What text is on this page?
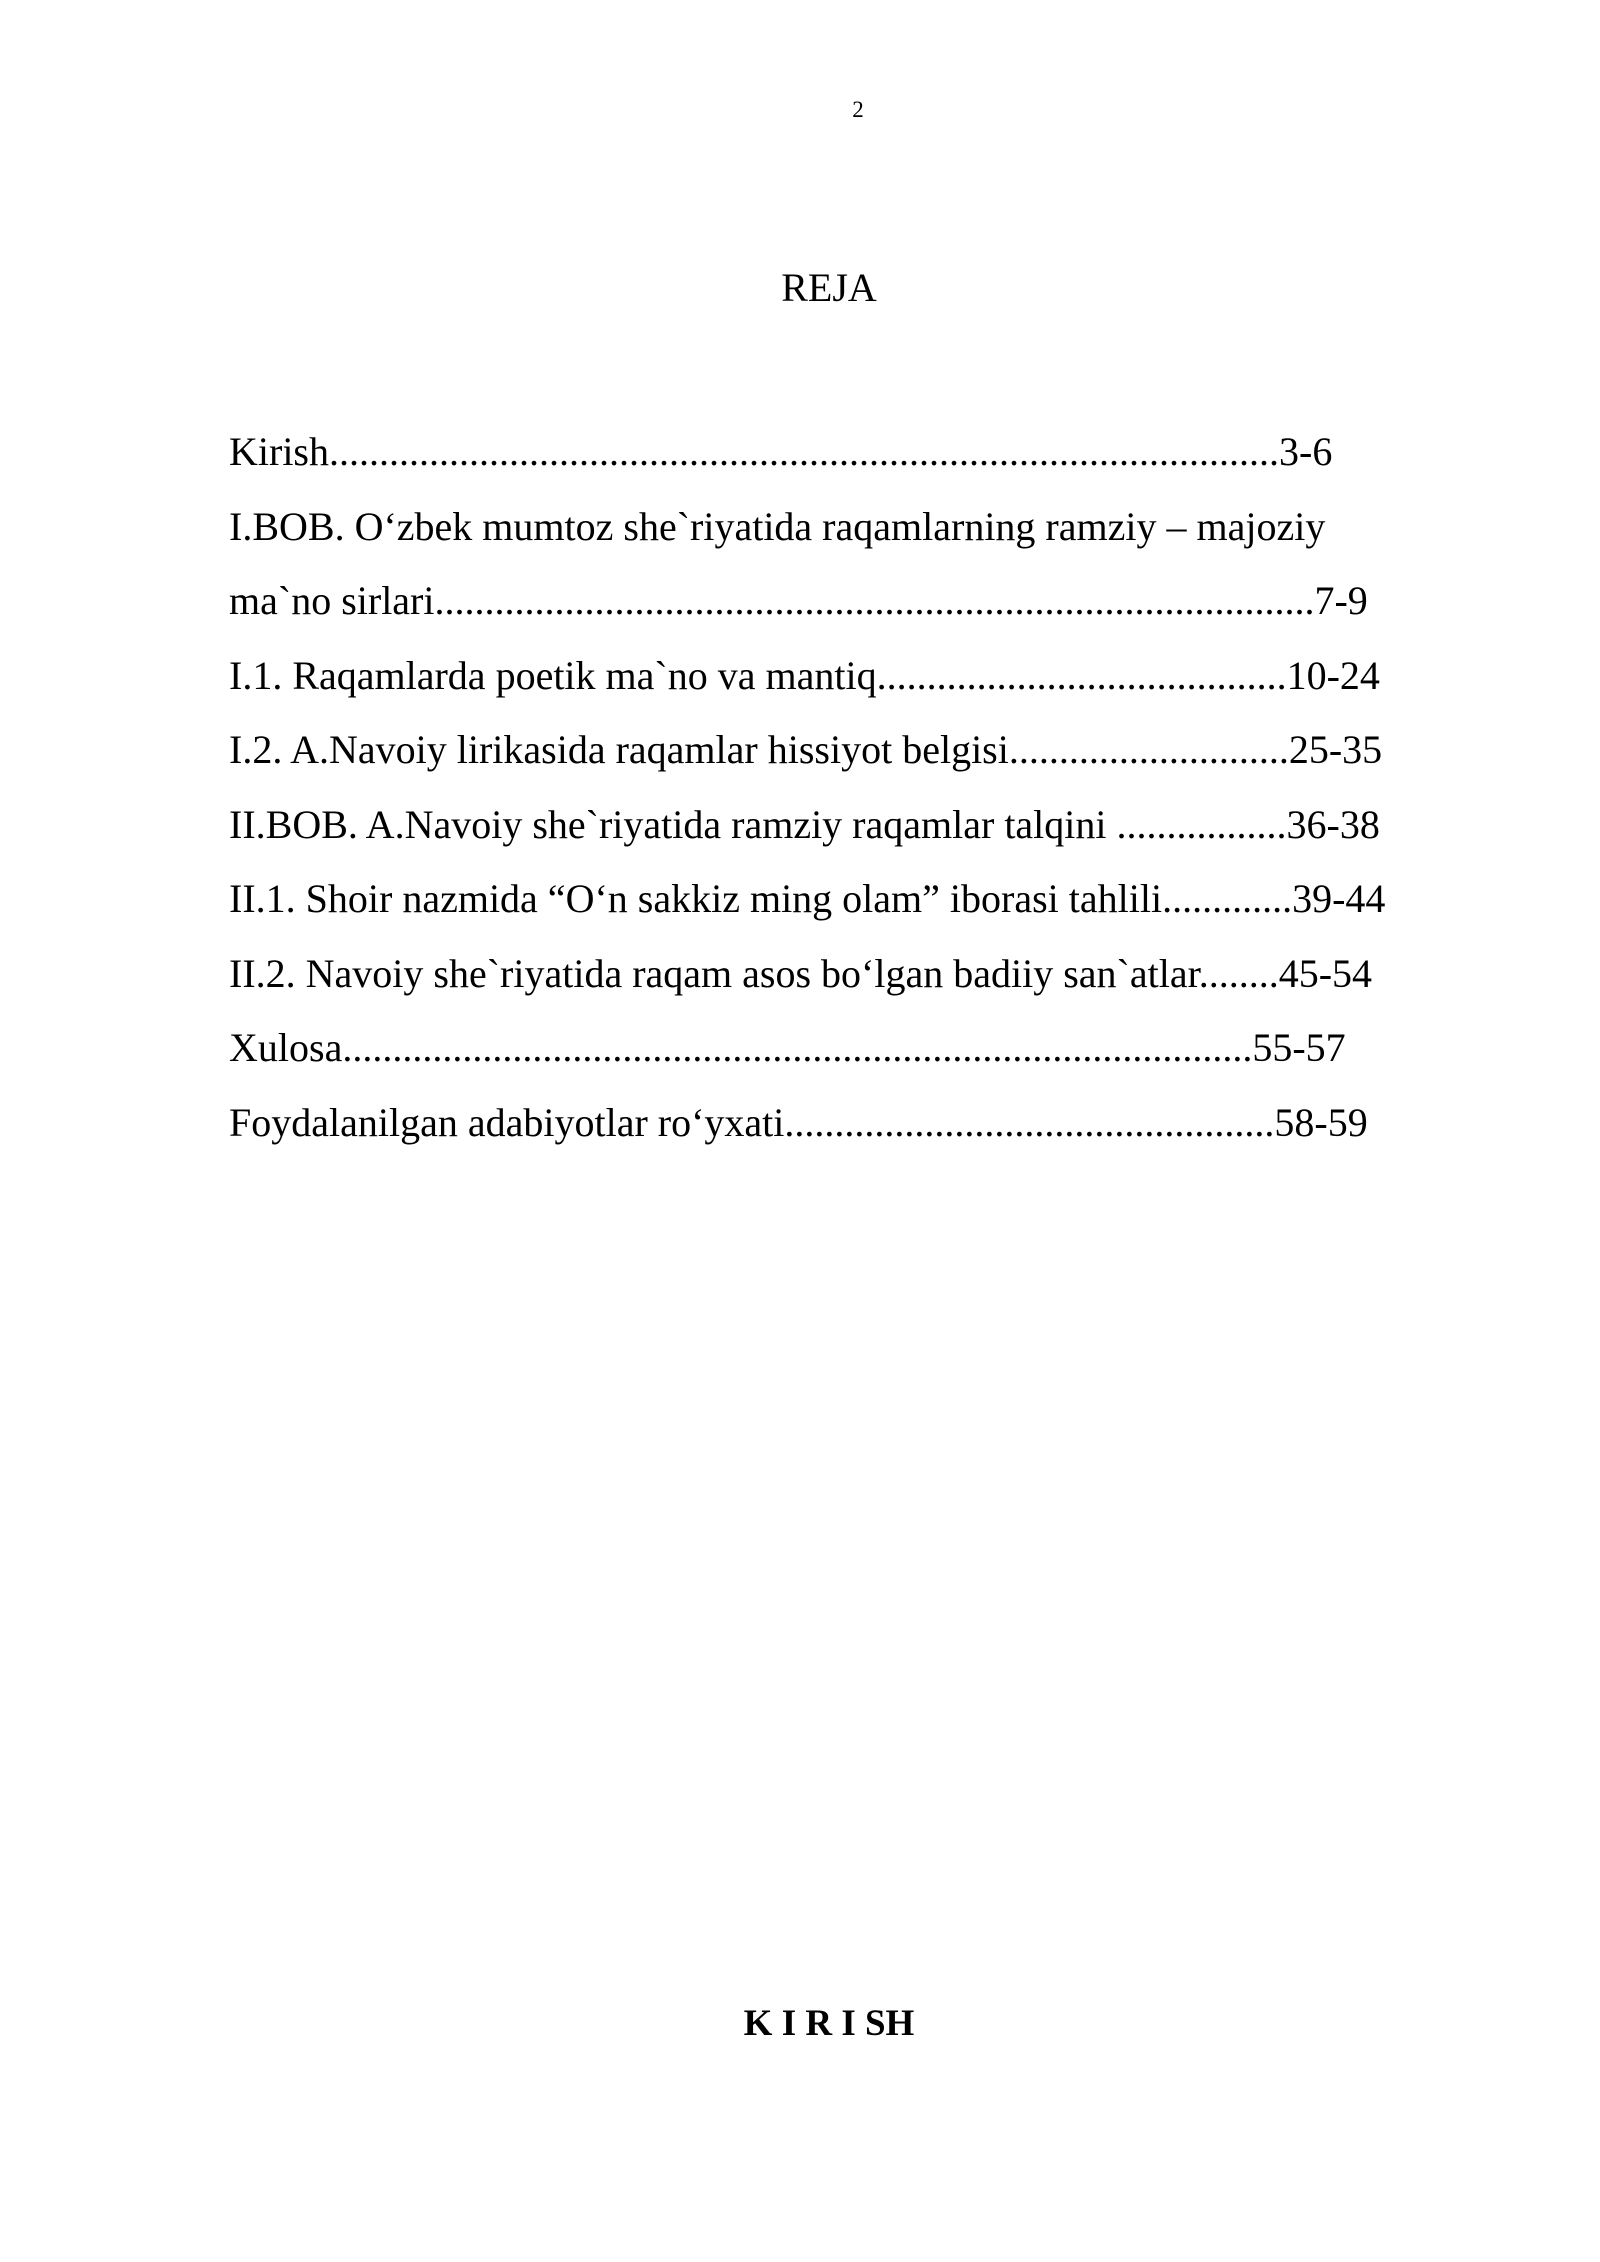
2
REJA
Kirish...............................................................................................3-6
I.BOB. O‘zbek mumtoz she`riyatida raqamlarning ramziy – majoziy
ma`no sirlari........................................................................................7-9
I.1. Raqamlarda poetik ma`no va mantiq.........................................10-24
I.2. A.Navoiy lirikasida raqamlar hissiyot belgisi............................25-35
II.BOB. A.Navoiy she`riyatida ramziy raqamlar talqini .................36-38
II.1. Shoir nazmida “O‘n sakkiz ming olam” iborasi tahlili.............39-44
II.2. Navoiy she`riyatida raqam asos bo‘lgan badiiy san`atlar........45-54
Xulosa...........................................................................................55-57
Foydalanilgan adabiyotlar ro‘yxati.................................................58-59
K I R I SH
